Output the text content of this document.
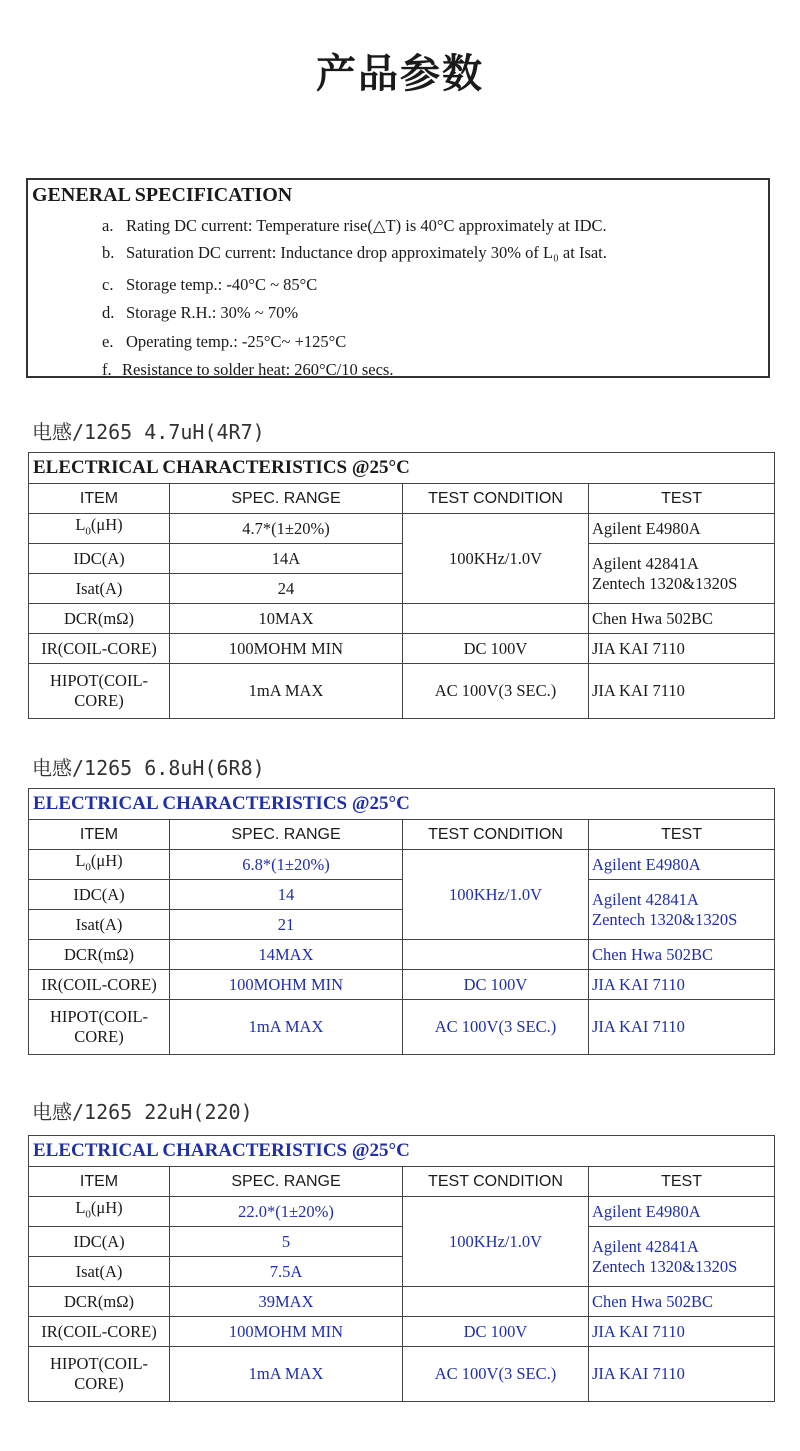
产品参数
GENERAL SPECIFICATION
a. Rating DC current: Temperature rise(△T) is 40°C approximately at IDC.
b. Saturation DC current: Inductance drop approximately 30% of L₀ at Isat.
c. Storage temp.: -40°C ~ 85°C
d. Storage R.H.: 30% ~ 70%
e. Operating temp.: -25°C~ +125°C
f. Resistance to solder heat: 260°C/10 secs.
电感/1265 4.7uH(4R7)
ELECTRICAL CHARACTERISTICS @25°C			
ITEM	SPEC. RANGE	TEST CONDITION	TEST
$L_0(\mu H)$	4.7*(1±20%)	100KHz/1.0V	Agilent E4980A
IDC(A)	14A		Agilent 42841A
Zentech 1320&1320S

Isat(A)	24		
DCR(mΩ)	10MAX		Chen Hwa 502BC
IR(COIL-CORE)	100MOHM MIN	DC 100V	JIA KAI 7110
HIPOT(COIL-CORE)	1mA MAX	AC 100V(3 SEC.)	JIA KAI 7110
电感/1265 6.8uH(6R8)
ELECTRICAL CHARACTERISTICS @25°C			
ITEM	SPEC. RANGE	TEST CONDITION	TEST
$L_0(\mu H)$	6.8*(1±20%)	100KHz/1.0V	Agilent E4980A
IDC(A)	14		Agilent 42841A
Zentech 1320&1320S

Isat(A)	21		
DCR(mΩ)	14MAX		Chen Hwa 502BC
IR(COIL-CORE)	100MOHM MIN	DC 100V	JIA KAI 7110
HIPOT(COIL-CORE)	1mA MAX	AC 100V(3 SEC.)	JIA KAI 7110
电感/1265 22uH(220)
ELECTRICAL CHARACTERISTICS @25°C			
ITEM	SPEC. RANGE	TEST CONDITION	TEST
$L_0(\mu H)$	22.0*(1±20%)	100KHz/1.0V	Agilent E4980A
IDC(A)	5		Agilent 42841A
Zentech 1320&1320S

Isat(A)	7.5A		
DCR(mΩ)	39MAX		Chen Hwa 502BC
IR(COIL-CORE)	100MOHM MIN	DC 100V	JIA KAI 7110
HIPOT(COIL-CORE)	1mA MAX	AC 100V(3 SEC.)	JIA KAI 7110
